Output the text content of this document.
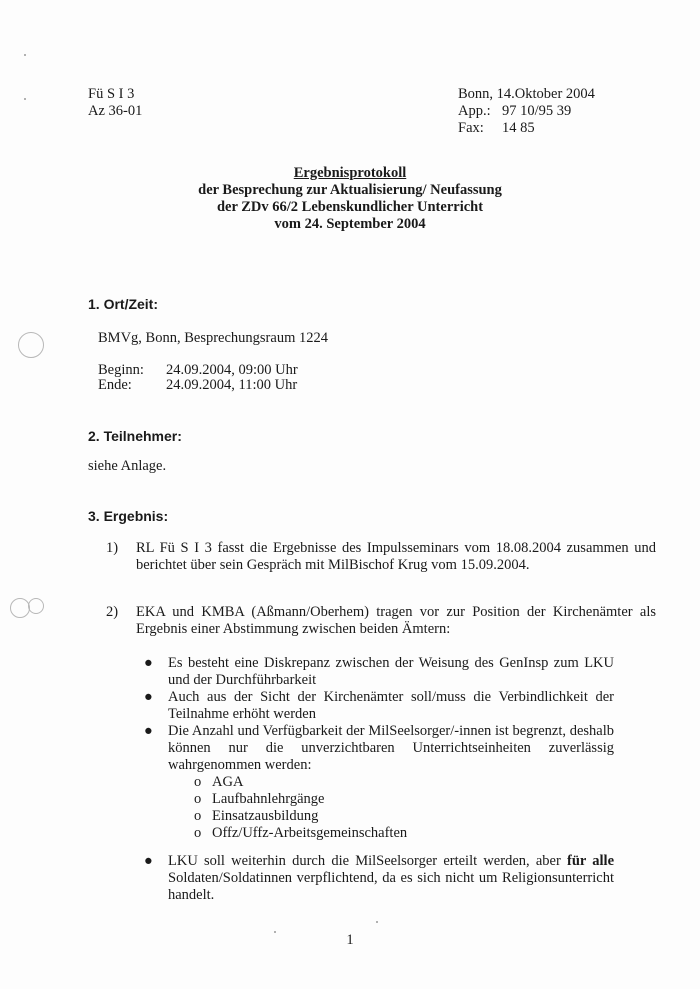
Fü S I 3
Az 36-01
Bonn, 14.Oktober 2004
App.: 97 10/95 39
Fax:	14 85
Ergebnisprotokoll
der Besprechung zur Aktualisierung/ Neufassung
der ZDv 66/2 Lebenskundlicher Unterricht
vom 24. September 2004
1. Ort/Zeit:
BMVg, Bonn, Besprechungsraum 1224
Beginn: 24.09.2004, 09:00 Uhr
Ende: 24.09.2004, 11:00 Uhr
2. Teilnehmer:
siehe Anlage.
3. Ergebnis:
1)	RL Fü S I 3 fasst die Ergebnisse des Impulsseminars vom 18.08.2004 zusammen und berichtet über sein Gespräch mit MilBischof Krug vom 15.09.2004.
2)	EKA und KMBA (Aßmann/Oberhem) tragen vor zur Position der Kirchenämter als Ergebnis einer Abstimmung zwischen beiden Ämtern:
● Es besteht eine Diskrepanz zwischen der Weisung des GenInsp zum LKU und der Durchführbarkeit
● Auch aus der Sicht der Kirchenämter soll/muss die Verbindlichkeit der Teilnahme erhöht werden
● Die Anzahl und Verfügbarkeit der MilSeelsorger/-innen ist begrenzt, deshalb können nur die unverzichtbaren Unterrichtseinheiten zuverlässig wahrgenommen werden:
o AGA
o Laufbahnlehrgänge
o Einsatzausbildung
o Offz/Uffz-Arbeitsgemeinschaften
● LKU soll weiterhin durch die MilSeelsorger erteilt werden, aber für alle Soldaten/Soldatinnen verpflichtend, da es sich nicht um Religionsunterricht handelt.
1
